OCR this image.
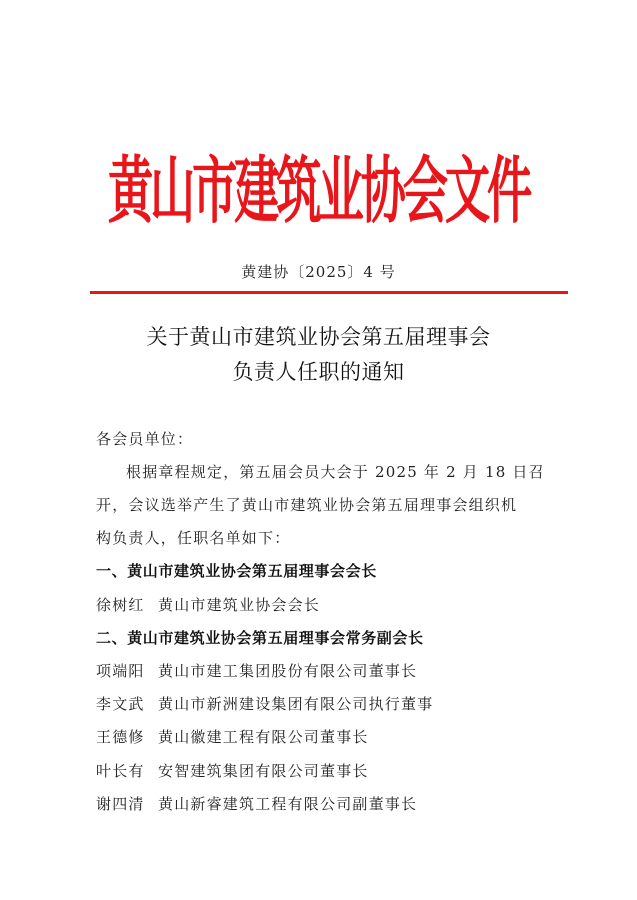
黄山市建筑业协会文件
黄建协〔2025〕4 号
关于黄山市建筑业协会第五届理事会
负责人任职的通知
各会员单位：
根据章程规定，第五届会员大会于 2025 年 2 月 18 日召
开，会议选举产生了黄山市建筑业协会第五届理事会组织机
构负责人，任职名单如下：
一、黄山市建筑业协会第五届理事会会长
徐树红 黄山市建筑业协会会长
二、黄山市建筑业协会第五届理事会常务副会长
项端阳 黄山市建工集团股份有限公司董事长
李文武 黄山市新洲建设集团有限公司执行董事
王德修 黄山徽建工程有限公司董事长
叶长有 安智建筑集团有限公司董事长
谢四清 黄山新睿建筑工程有限公司副董事长
